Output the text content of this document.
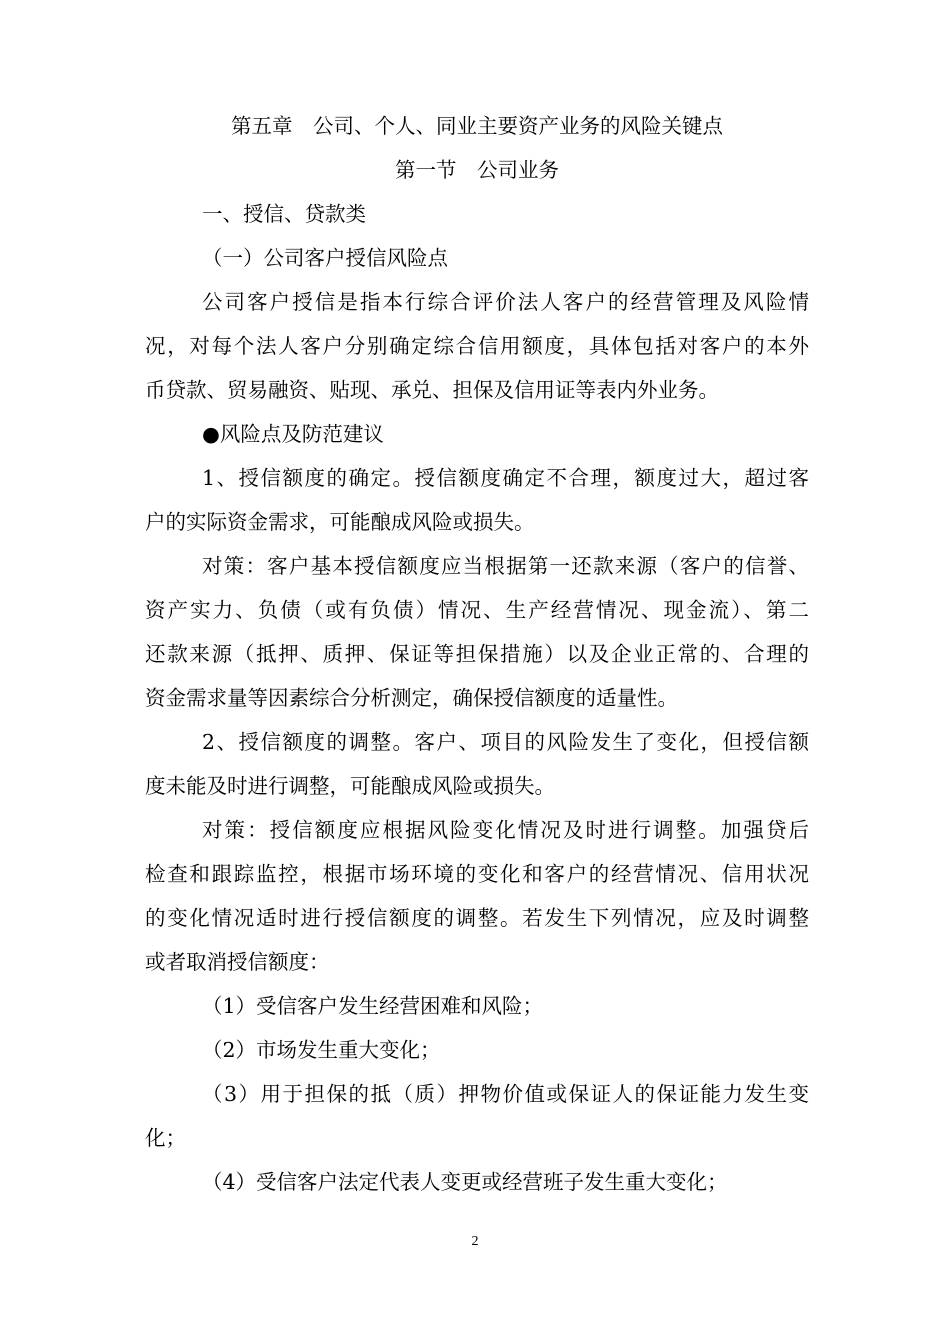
第五章　公司、个人、同业主要资产业务的风险关键点
第一节　公司业务
一、授信、贷款类
（一）公司客户授信风险点
公司客户授信是指本行综合评价法人客户的经营管理及风险情
况，对每个法人客户分别确定综合信用额度，具体包括对客户的本外
币贷款、贸易融资、贴现、承兑、担保及信用证等表内外业务。
●风险点及防范建议
1、授信额度的确定。授信额度确定不合理，额度过大，超过客
户的实际资金需求，可能酿成风险或损失。
对策：客户基本授信额度应当根据第一还款来源（客户的信誉、
资产实力、负债（或有负债）情况、生产经营情况、现金流）、第二
还款来源（抵押、质押、保证等担保措施）以及企业正常的、合理的
资金需求量等因素综合分析测定，确保授信额度的适量性。
2、授信额度的调整。客户、项目的风险发生了变化，但授信额
度未能及时进行调整，可能酿成风险或损失。
对策：授信额度应根据风险变化情况及时进行调整。加强贷后
检查和跟踪监控，根据市场环境的变化和客户的经营情况、信用状况
的变化情况适时进行授信额度的调整。若发生下列情况，应及时调整
或者取消授信额度：
（1）受信客户发生经营困难和风险；
（2）市场发生重大变化；
（3）用于担保的抵（质）押物价值或保证人的保证能力发生变
化；
（4）受信客户法定代表人变更或经营班子发生重大变化；
2
